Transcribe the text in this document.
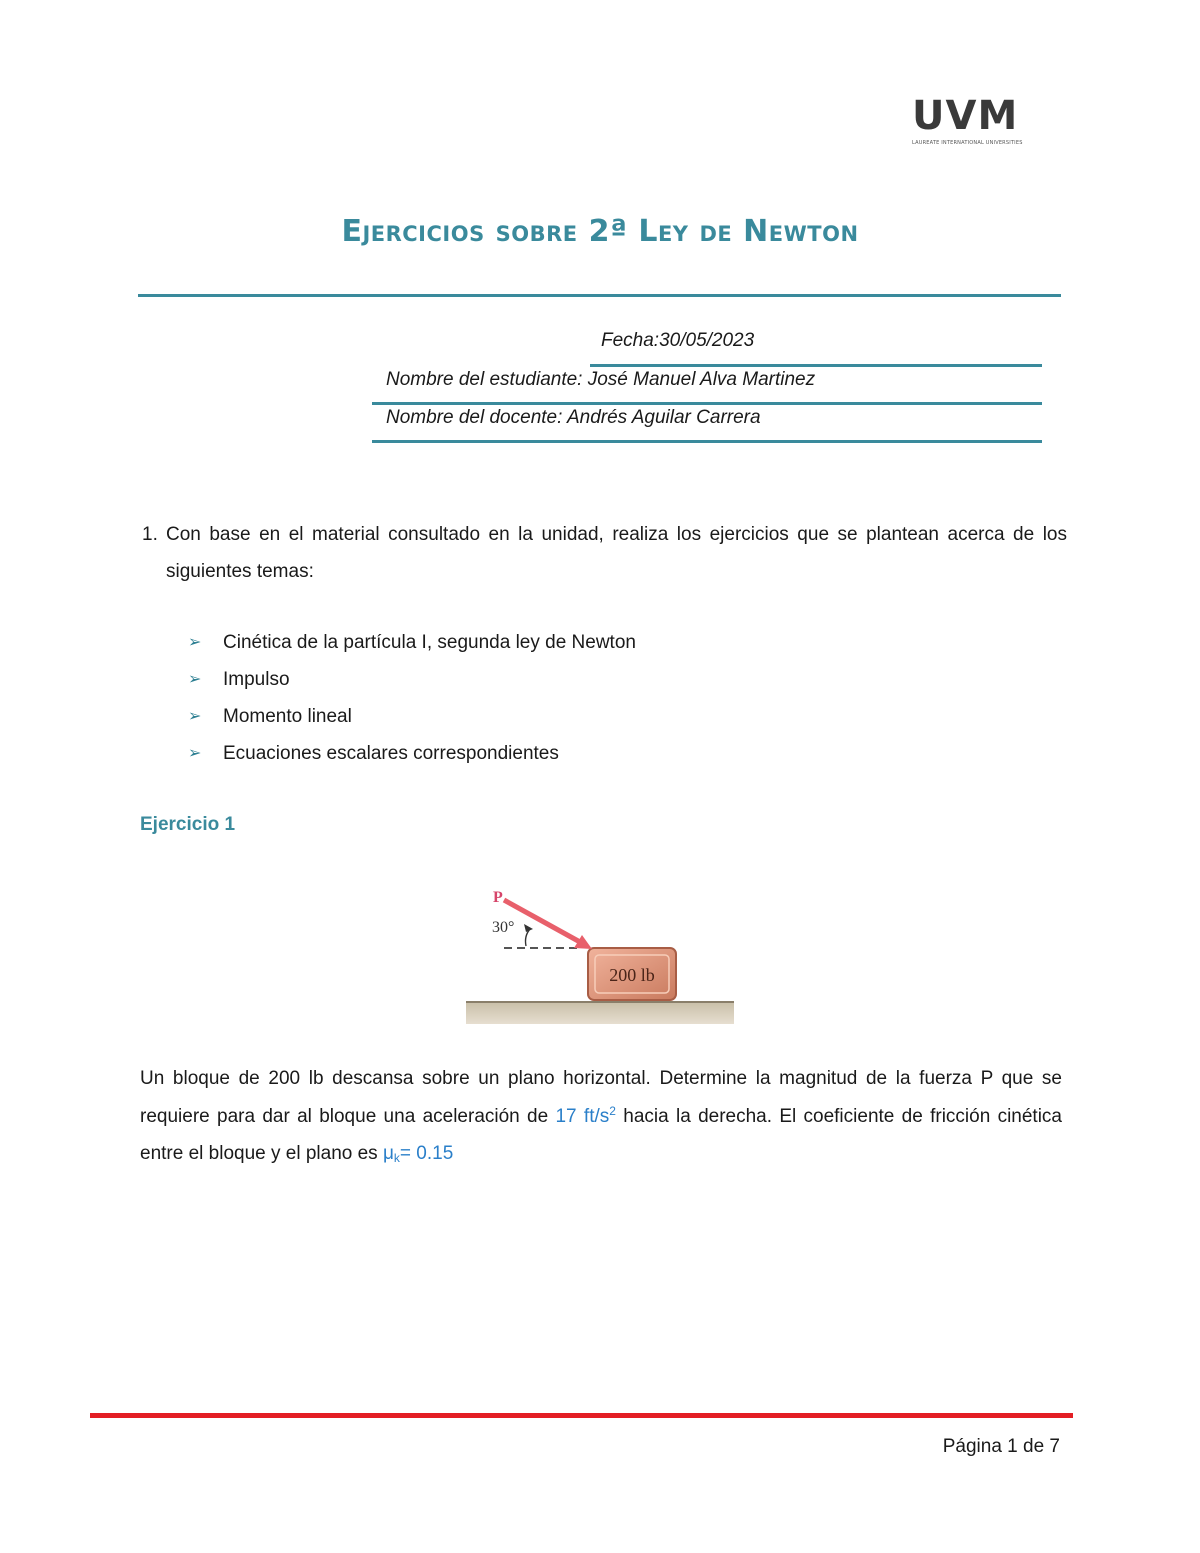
UVM
LAUREATE INTERNATIONAL UNIVERSITIES
Ejercicios sobre 2ª Ley de Newton
Fecha:30/05/2023
Nombre del estudiante: José Manuel Alva Martinez
Nombre del docente: Andrés Aguilar Carrera
1. Con base en el material consultado en la unidad, realiza los ejercicios que se plantean acerca de los siguientes temas:
➢	Cinética de la partícula I, segunda ley de Newton
➢	Impulso
➢	Momento lineal
➢	Ecuaciones escalares correspondientes
Ejercicio 1
200 lb
30°
P
Un bloque de 200 lb descansa sobre un plano horizontal. Determine la magnitud de la fuerza P que se requiere para dar al bloque una aceleración de 17 $ft/s^2$ hacia la derecha. El coeficiente de fricción cinética entre el bloque y el plano es $\mu_k= 0.15$
Página 1 de 7
